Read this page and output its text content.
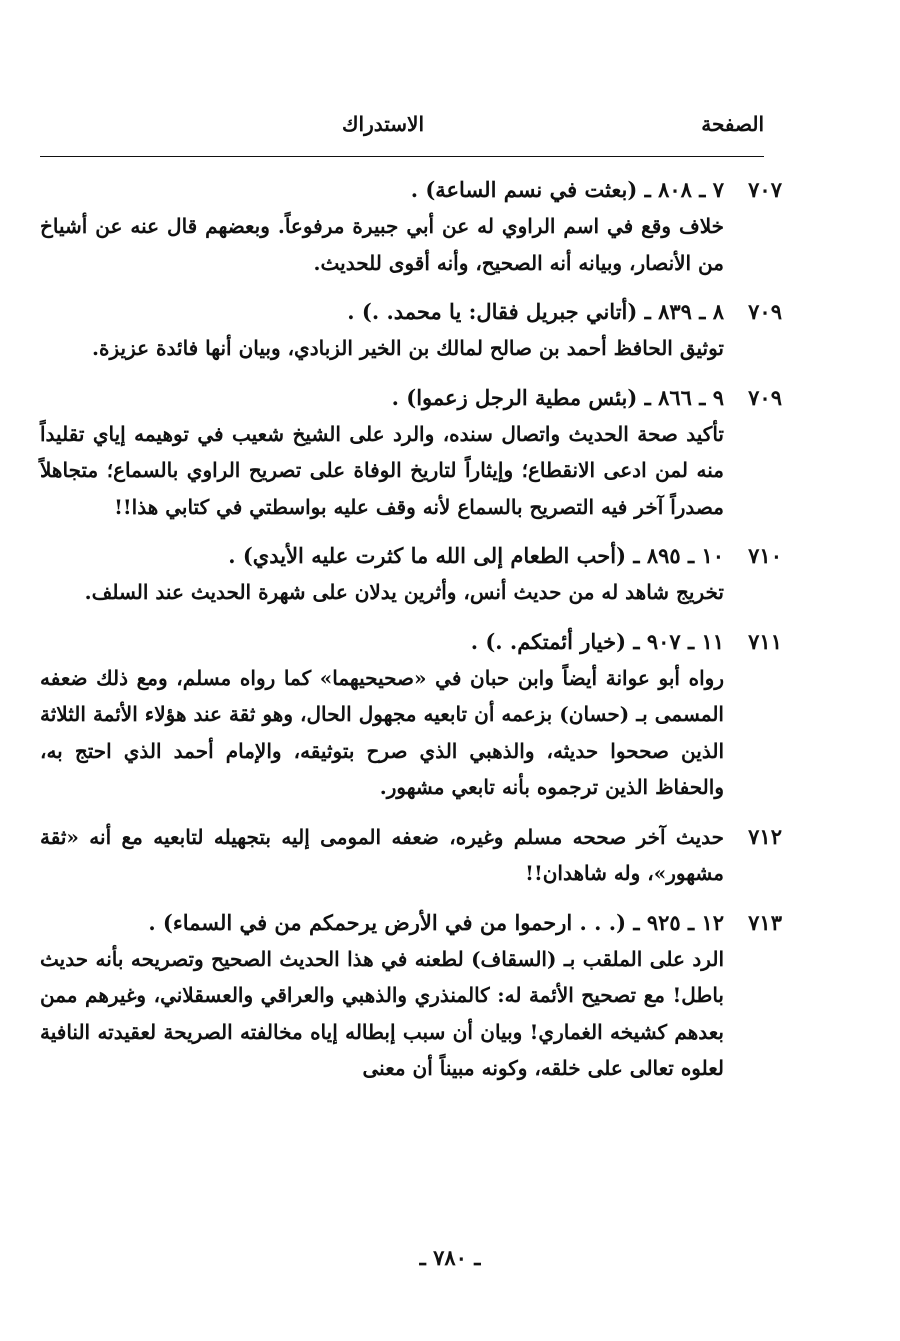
الصفحة
الاستدراك
٧٠٧
٧ ـ ٨٠٨ ـ (بعثت في نسم الساعة) .
خلاف وقع في اسم الراوي له عن أبي جبيرة مرفوعاً. وبعضهم قال عنه عن أشياخ من الأنصار، وبيانه أنه الصحيح، وأنه أقوى للحديث.
٧٠٩
٨ ـ ٨٣٩ ـ (أتاني جبريل فقال: يا محمد. .) .
توثيق الحافظ أحمد بن صالح لمالك بن الخير الزبادي، وبيان أنها فائدة عزيزة.
٧٠٩
٩ ـ ٨٦٦ ـ (بئس مطية الرجل زعموا) .
تأكيد صحة الحديث واتصال سنده، والرد على الشيخ شعيب في توهيمه إياي تقليداً منه لمن ادعى الانقطاع؛ وإيثاراً لتاريخ الوفاة على تصريح الراوي بالسماع؛ متجاهلاً مصدراً آخر فيه التصريح بالسماع لأنه وقف عليه بواسطتي في كتابي هذا!!
٧١٠
١٠ ـ ٨٩٥ ـ (أحب الطعام إلى الله ما كثرت عليه الأيدي) .
تخريج شاهد له من حديث أنس، وأثرين يدلان على شهرة الحديث عند السلف.
٧١١
١١ ـ ٩٠٧ ـ (خيار أئمتكم. .) .
رواه أبو عوانة أيضاً وابن حبان في «صحيحيهما» كما رواه مسلم، ومع ذلك ضعفه المسمى بـ (حسان) بزعمه أن تابعيه مجهول الحال، وهو ثقة عند هؤلاء الأئمة الثلاثة الذين صححوا حديثه، والذهبي الذي صرح بتوثيقه، والإمام أحمد الذي احتج به، والحفاظ الذين ترجموه بأنه تابعي مشهور.
٧١٢
حديث آخر صححه مسلم وغيره، ضعفه المومى إليه بتجهيله لتابعيه مع أنه «ثقة مشهور»، وله شاهدان!!
٧١٣
١٢ ـ ٩٢٥ ـ (. . . ارحموا من في الأرض يرحمكم من في السماء) .
الرد على الملقب بـ (السقاف) لطعنه في هذا الحديث الصحيح وتصريحه بأنه حديث باطل! مع تصحيح الأئمة له: كالمنذري والذهبي والعراقي والعسقلاني، وغيرهم ممن بعدهم كشيخه الغماري! وبيان أن سبب إبطاله إياه مخالفته الصريحة لعقيدته النافية لعلوه تعالى على خلقه، وكونه مبيناً أن معنى
ـ ٧٨٠ ـ
